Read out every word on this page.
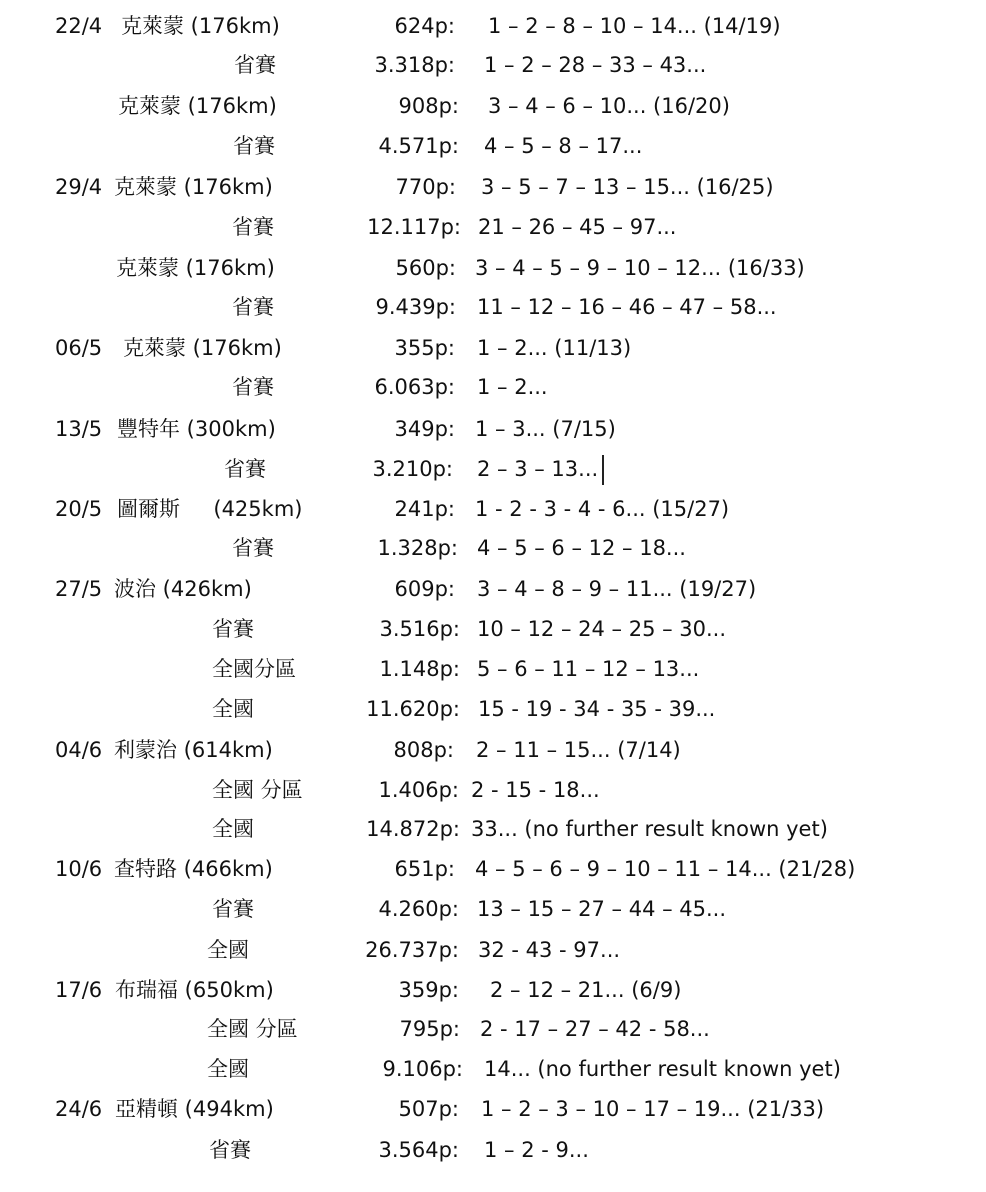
22/4 克萊蒙 (176km)	624p: 1 – 2 – 8 – 10 – 14... (14/19)
省賽	3.318p: 1 – 2 – 28 – 33 – 43...
克萊蒙 (176km)	908p: 3 – 4 – 6 – 10... (16/20)
省賽	4.571p: 4 – 5 – 8 – 17...
29/4 克萊蒙 (176km)	770p: 3 – 5 – 7 – 13 – 15... (16/25)
省賽	12.117p: 21 – 26 – 45 – 97...
克萊蒙 (176km)	560p: 3 – 4 – 5 – 9 – 10 – 12... (16/33)
省賽	9.439p: 11 – 12 – 16 – 46 – 47 – 58...
06/5 克萊蒙 (176km)	355p: 1 – 2... (11/13)
省賽	6.063p: 1 – 2...
13/5 豐特年 (300km)	349p: 1 – 3... (7/15)
省賽	3.210p: 2 – 3 – 13...
20/5 圖爾斯     (425km)	241p: 1 - 2 - 3 - 4 - 6... (15/27)
省賽	1.328p: 4 – 5 – 6 – 12 – 18...
27/5 波治 (426km)	609p: 3 – 4 – 8 – 9 – 11... (19/27)
省賽	3.516p: 10 – 12 – 24 – 25 – 30...
全國分區	1.148p: 5 – 6 – 11 – 12 – 13...
全國	11.620p: 15 - 19 - 34 - 35 - 39...
04/6 利蒙治 (614km)	808p: 2 – 11 – 15... (7/14)
全國 分區	1.406p: 2 - 15 - 18...
全國	14.872p: 33... (no further result known yet)
10/6 查特路 (466km)	651p: 4 – 5 – 6 – 9 – 10 – 11 – 14... (21/28)
省賽	4.260p: 13 – 15 – 27 – 44 – 45...
全國	26.737p: 32 - 43 - 97...
17/6 布瑞福 (650km)	359p: 2 – 12 – 21... (6/9)
全國 分區	795p: 2 - 17 – 27 – 42 - 58...
全國	9.106p: 14... (no further result known yet)
24/6 亞精頓 (494km)	507p: 1 – 2 – 3 – 10 – 17 – 19... (21/33)
省賽	3.564p: 1 – 2 - 9...
